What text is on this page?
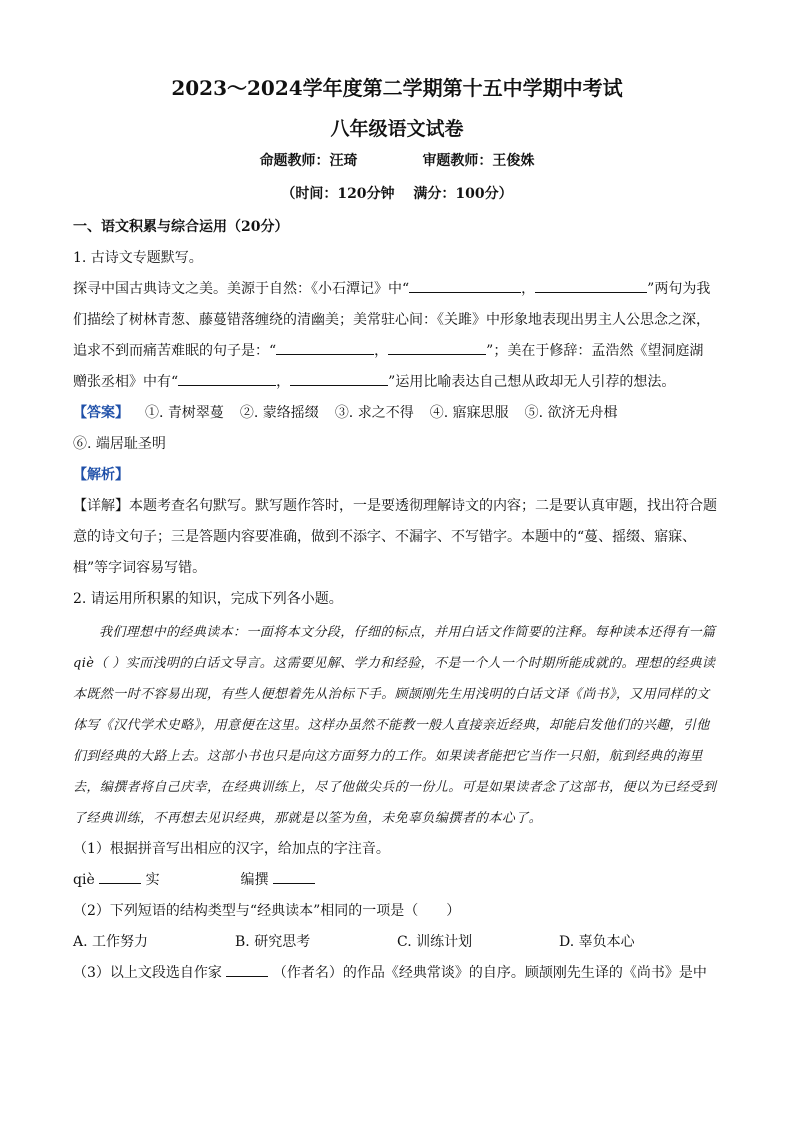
2023～2024学年度第二学期第十五中学期中考试
八年级语文试卷
命题教师：汪琦	审题教师：王俊姝
（时间：120分钟　 满分：100分）

一、语文积累与综合运用（20分）

1. 古诗文专题默写。

探寻中国古典诗文之美。美源于自然：《小石潭记》中“	，	”两句为我

们描绘了树林青葱、藤蔓错落缠绕的清幽美；美常驻心间：《关雎》中形象地表现出男主人公思念之深，

追求不到而痛苦难眠的句子是：“	，	”；美在于修辞：孟浩然《望洞庭湖

赠张丞相》中有“	，	”运用比喻表达自己想从政却无人引荐的想法。

【答案】 ①. 青树翠蔓 ②. 蒙络摇缀 ③. 求之不得 ④. 寤寐思服 ⑤. 欲济无舟楫

⑥. 端居耻圣明

【解析】

【详解】本题考查名句默写。默写题作答时，一是要透彻理解诗文的内容；二是要认真审题，找出符合题

意的诗文句子；三是答题内容要准确，做到不添字、不漏字、不写错字。本题中的“蔓、摇缀、寤寐、

楫”等字词容易写错。

2. 请运用所积累的知识，完成下列各小题。

我们理想中的经典读本：一面将本文分段，仔细的标点，并用白话文作简要的注释。每种读本还得有一篇 qiè（ ）实而浅明的白话文导言。这需要见解、学力和经验，不是一个人一个时期所能成就的。理想的经典读本既然一时不容易出现，有些人便想着先从治标下手。顾颉刚先生用浅明的白话文译《尚书》，又用同样的文体写《汉代学术史略》，用意便在这里。这样办虽然不能教一般人直接亲近经典，却能启发他们的兴趣，引他们到经典的大路上去。这部小书也只是向这方面努力的工作。如果读者能把它当作一只船，航到经典的海里去，编撰者将自己庆幸，在经典训练上，尽了他做尖兵的一份儿。可是如果读者念了这部书，便以为已经受到了经典训练，不再想去见识经典，那就是以筌为鱼，未免辜负编撰者的本心了。

（1）根据拼音写出相应的汉字，给加点的字注音。

qiè	实	编撰

（2）下列短语的结构类型与“经典读本”相同的一项是（　　）

A. 工作努力	B. 研究思考	C. 训练计划	D. 辜负本心

（3）以上文段选自作家	（作者名）的作品《经典常谈》的自序。顾颉刚先生译的《尚书》是中
